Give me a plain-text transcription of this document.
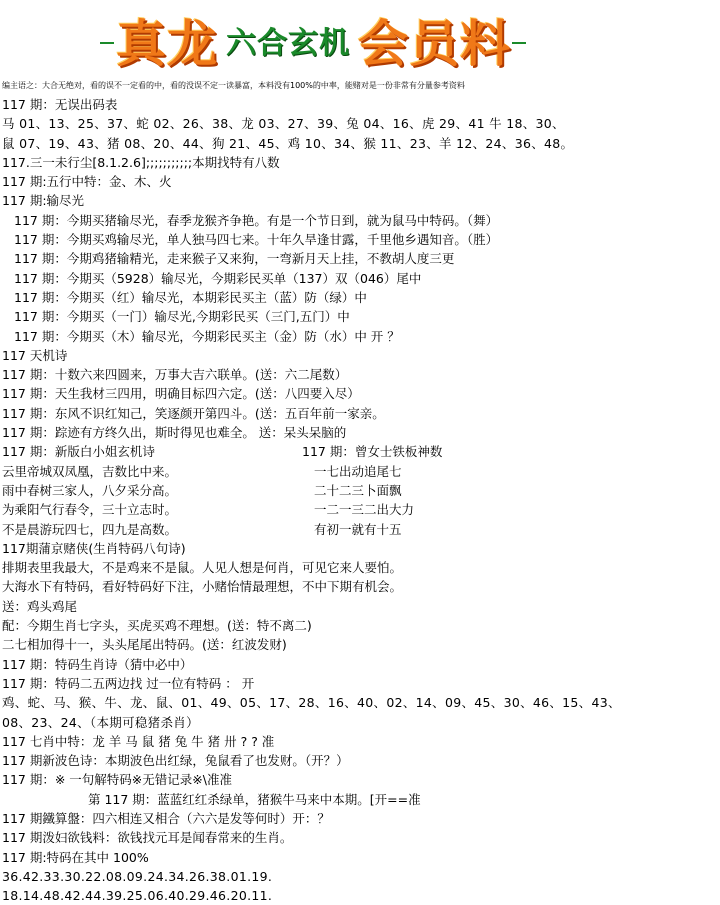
真龙 六合玄机 会员料
编主语之：大合无绝对，看的误不一定看的中，看的没误不定一读暴富，本料没有100%的中率，能赌对是一份非常有分量参考资料
117 期：无误出码表
马 01、13、25、37、蛇 02、26、38、龙 03、27、39、兔 04、16、虎 29、41 牛 18、30、
鼠 07、19、43、猪 08、20、44、狗 21、45、鸡 10、34、猴 11、23、羊 12、24、36、48。
117.三一未行尘[8.1.2.6];;;;;;;;;;;本期找特有八数
117 期:五行中特：金、木、火
117 期:输尽光
117 期：今期买猪输尽光，春季龙猴齐争艳。有是一个节日到，就为鼠马中特码。（舞）
117 期：今期买鸡输尽光，单人独马四七来。十年久旱逢甘露，千里他乡遇知音。（胜）
117 期：今期鸡猪输精光，走来猴子又来狗，一弯新月天上挂，不教胡人度三更
117 期：今期买（5928）输尽光，今期彩民买单（137）双（046）尾中
117 期：今期买（红）输尽光，本期彩民买主（蓝）防（绿）中
117 期：今期买（一门）输尽光,今期彩民买（三门,五门）中
117 期：今期买（木）输尽光，今期彩民买主（金）防（水）中 开 ？
117 天机诗
117 期：十数六来四圆来，万事大吉六联单。(送：六二尾数）
117 期：天生我材三四用，明确目标四六定。(送：八四要入尽）
117 期：东风不识红知己，笑逐颜开第四斗。(送：五百年前一家亲。
117 期：踪迹有方终久出，斯时得见也难全。 送：呆头呆脑的
117 期：新版白小姐玄机诗	117 期：曾女士铁板神数
云里帝城双凤凰，吉数比中来。	一七出动追尾七
雨中春树三家人，八夕采分高。	二十二三卜面飘
为乘阳气行春令，三十立志时。	一二一三二出大力
不是晨游玩四七，四九是高数。	有初一就有十五
117期蒲京赌侠(生肖特码八句诗)
排期表里我最大，不是鸡来不是鼠。人见人想是何肖，可见它来人要怕。
大海水下有特码，看好特码好下注，小赌怡情最理想，不中下期有机会。
送：鸡头鸡尾
配：今期生肖七字头，买虎买鸡不理想。(送：特不离二)
二七相加得十一，头头尾尾出特码。(送：红波发财)
117 期：特码生肖诗（猜中必中）
117 期：特码二五两边找 过一位有特码 ： 开
鸡、蛇、马、猴、牛、龙、鼠、01、49、05、17、28、16、40、02、14、09、45、30、46、15、43、
08、23、24、（本期可稳猪杀肖）
117 七肖中特：龙 羊 马 鼠 猪 兔 牛 猪 卅 ? ? 准
117 期新波色诗：本期波色出红绿，兔鼠看了也发财。（开？）
117 期：※ 一句解特码※无错记录※\准准
第 117 期：蓝蓝红红杀绿单，猪猴牛马来中本期。[开==准
117 期鐵算盤：四六相连又相合（六六是发等何时）开：？
117 期泼妇欲钱料：欲钱找元耳是闻春常来的生肖。
117 期:特码在其中 100%
36.42.33.30.22.08.09.24.34.26.38.01.19.
18.14.48.42.44.39.25.06.40.29.46.20.11.
